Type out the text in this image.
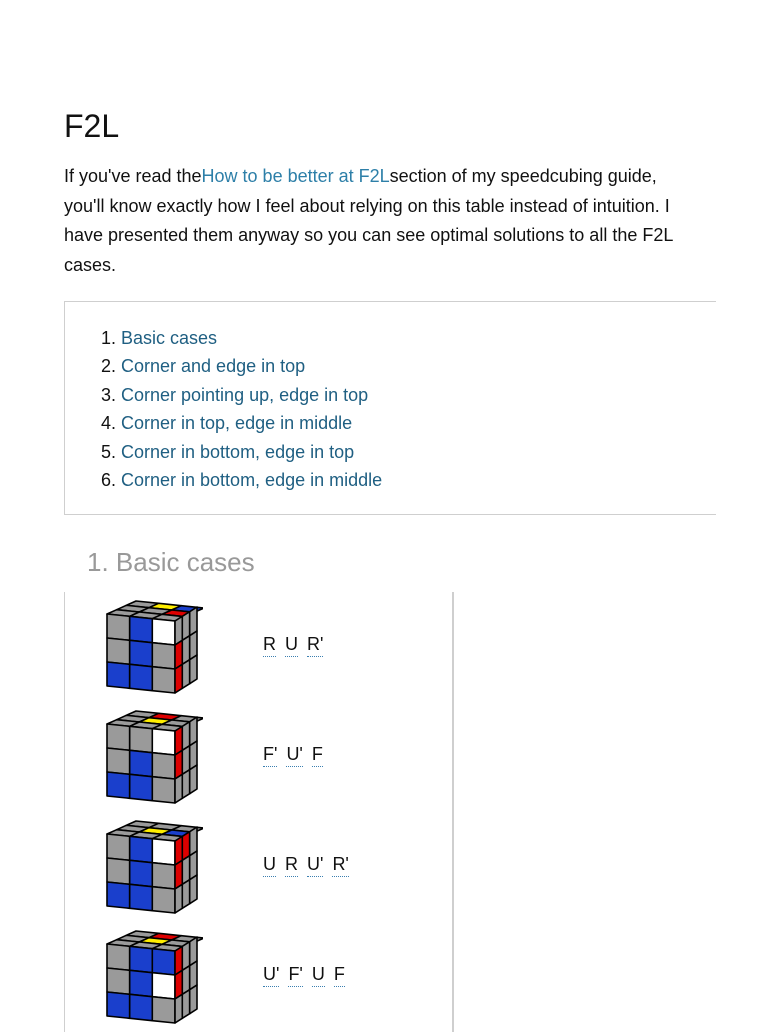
F2L

If you've read theHow to be better at F2Lsection of my speedcubing guide,
you'll know exactly how I feel about relying on this table instead of intuition. I
have presented them anyway so you can see optimal solutions to all the F2L
cases.

1. Basic cases
2. Corner and edge in top
3. Corner pointing up, edge in top
4. Corner in top, edge in middle
5. Corner in bottom, edge in top
6. Corner in bottom, edge in middle
1. Basic cases
R U R'
F' U' F
U R U' R'
U' F' U F
